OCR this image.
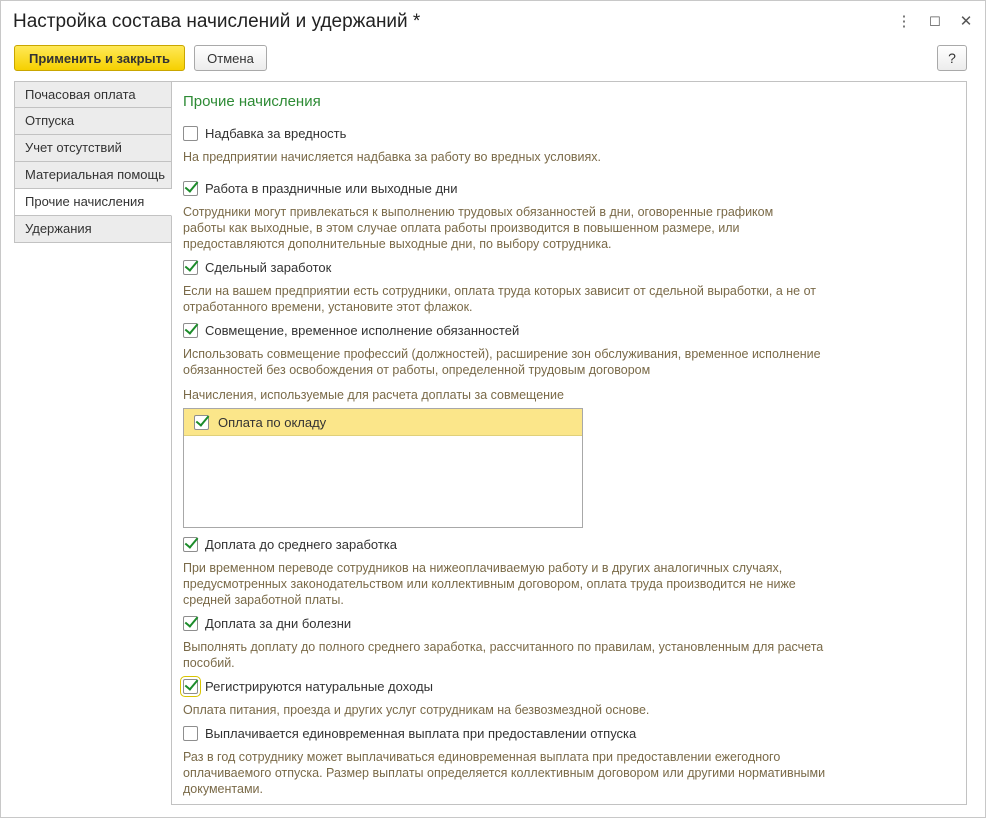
Настройка состава начислений и удержаний *	⋮	☐ ✕
Применить и закрыть	Отмена	?
Почасовая оплата
Отпуска
Учет отсутствий
Материальная помощь
Прочие начисления
Удержания
Прочие начисления
Надбавка за вредность
На предприятии начисляется надбавка за работу во вредных условиях.
Работа в праздничные или выходные дни
Сотрудники могут привлекаться к выполнению трудовых обязанностей в дни, оговоренные графиком
работы как выходные, в этом случае оплата работы производится в повышенном размере, или
предоставляются дополнительные выходные дни, по выбору сотрудника.
Сдельный заработок
Если на вашем предприятии есть сотрудники, оплата труда которых зависит от сдельной выработки, а не от
отработанного времени, установите этот флажок.
Совмещение, временное исполнение обязанностей
Использовать совмещение профессий (должностей), расширение зон обслуживания, временное исполнение
обязанностей без освобождения от работы, определенной трудовым договором
Начисления, используемые для расчета доплаты за совмещение
Оплата по окладу
Доплата до среднего заработка
При временном переводе сотрудников на нижеоплачиваемую работу и в других аналогичных случаях,
предусмотренных законодательством или коллективным договором, оплата труда производится не ниже
средней заработной платы.
Доплата за дни болезни
Выполнять доплату до полного среднего заработка, рассчитанного по правилам, установленным для расчета
пособий.
Регистрируются натуральные доходы
Оплата питания, проезда и других услуг сотрудникам на безвозмездной основе.
Выплачивается единовременная выплата при предоставлении отпуска
Раз в год сотруднику может выплачиваться единовременная выплата при предоставлении ежегодного
оплачиваемого отпуска. Размер выплаты определяется коллективным договором или другими нормативными
документами.
